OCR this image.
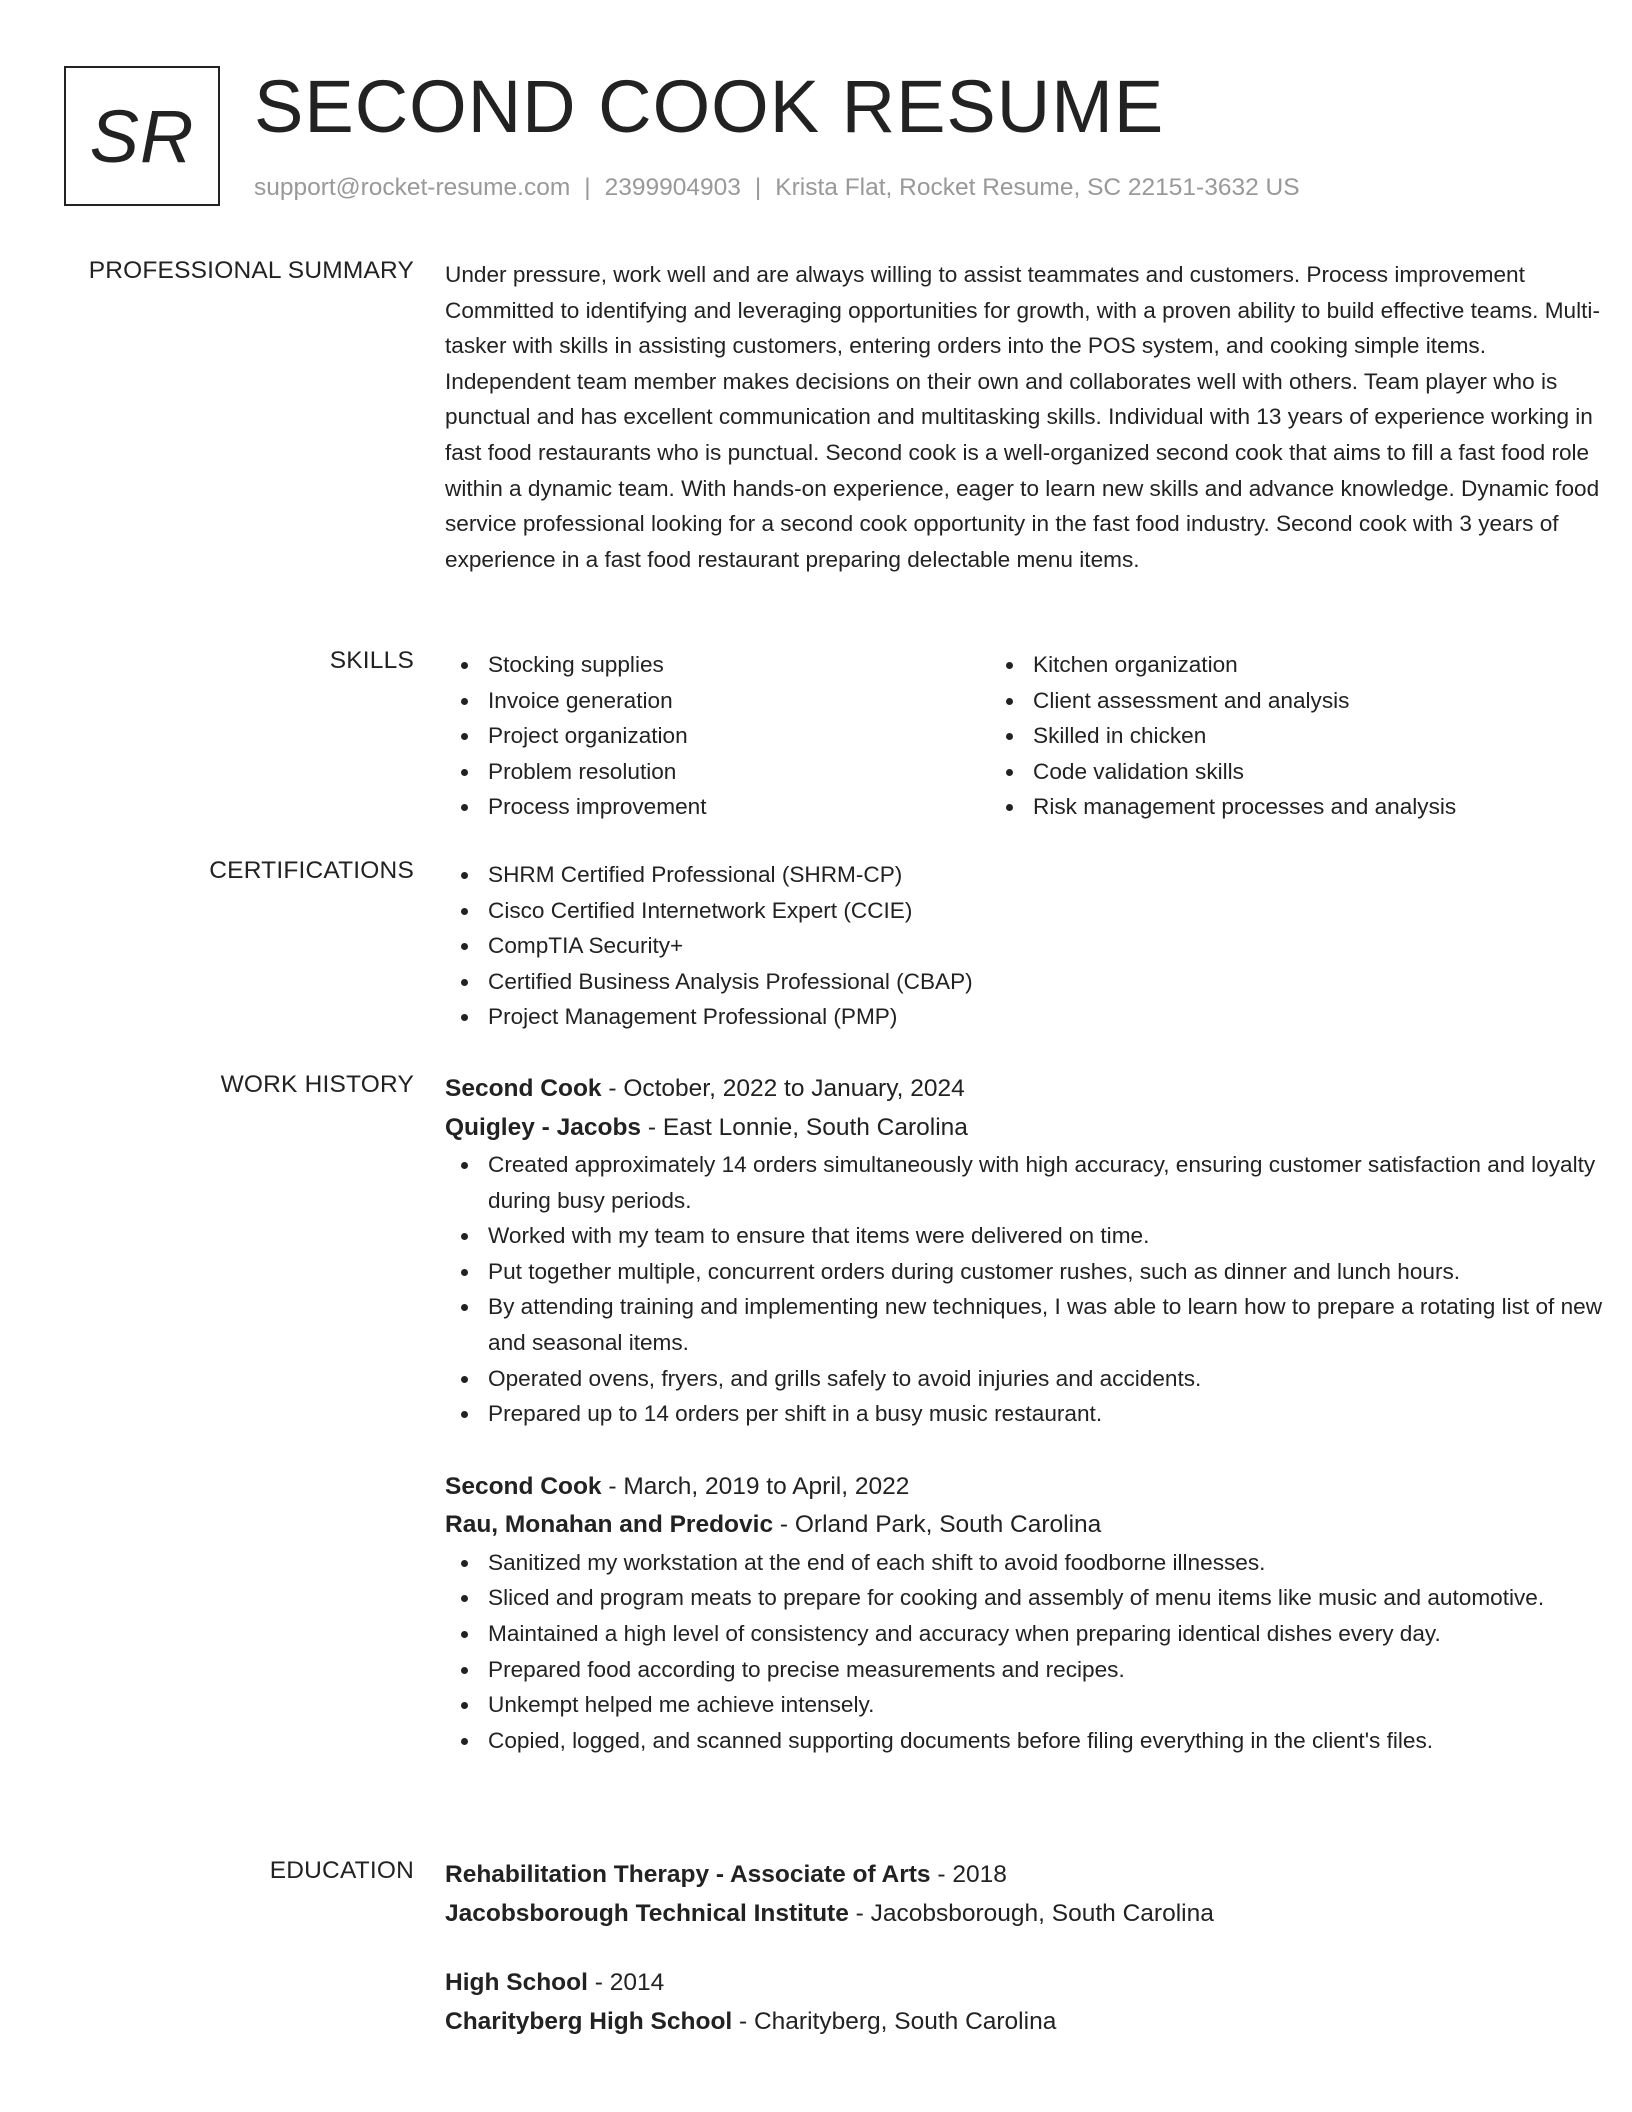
SR SECOND COOK RESUME
support@rocket-resume.com | 2399904903 | Krista Flat, Rocket Resume, SC 22151-3632 US
PROFESSIONAL SUMMARY Under pressure, work well and are always willing to assist teammates and customers. Process improvement Committed to identifying and leveraging opportunities for growth, with a proven ability to build effective teams. Multi-tasker with skills in assisting customers, entering orders into the POS system, and cooking simple items. Independent team member makes decisions on their own and collaborates well with others. Team player who is punctual and has excellent communication and multitasking skills. Individual with 13 years of experience working in fast food restaurants who is punctual. Second cook is a well-organized second cook that aims to fill a fast food role within a dynamic team. With hands-on experience, eager to learn new skills and advance knowledge. Dynamic food service professional looking for a second cook opportunity in the fast food industry. Second cook with 3 years of experience in a fast food restaurant preparing delectable menu items.

SKILLS	Stocking supplies
Invoice generation
Project organization
Problem resolution
Process improvement
Kitchen organization
Client assessment and analysis
Skilled in chicken
Code validation skills
Risk management processes and analysis
CERTIFICATIONS	SHRM Certified Professional (SHRM-CP)
Cisco Certified Internetwork Expert (CCIE)
CompTIA Security+
Certified Business Analysis Professional (CBAP)
Project Management Professional (PMP)
WORK HISTORY Second Cook - October, 2022 to January, 2024
Quigley - Jacobs - East Lonnie, South Carolina
Created approximately 14 orders simultaneously with high accuracy, ensuring customer satisfaction and loyalty during busy periods.
Worked with my team to ensure that items were delivered on time.
Put together multiple, concurrent orders during customer rushes, such as dinner and lunch hours.
By attending training and implementing new techniques, I was able to learn how to prepare a rotating list of new and seasonal items.
Operated ovens, fryers, and grills safely to avoid injuries and accidents.
Prepared up to 14 orders per shift in a busy music restaurant.
Second Cook - March, 2019 to April, 2022
Rau, Monahan and Predovic - Orland Park, South Carolina
Sanitized my workstation at the end of each shift to avoid foodborne illnesses.
Sliced and program meats to prepare for cooking and assembly of menu items like music and automotive.
Maintained a high level of consistency and accuracy when preparing identical dishes every day.
Prepared food according to precise measurements and recipes.
Unkempt helped me achieve intensely.
Copied, logged, and scanned supporting documents before filing everything in the client's files.
EDUCATION Rehabilitation Therapy - Associate of Arts - 2018
Jacobsborough Technical Institute - Jacobsborough, South Carolina
High School - 2014
Charityberg High School - Charityberg, South Carolina
